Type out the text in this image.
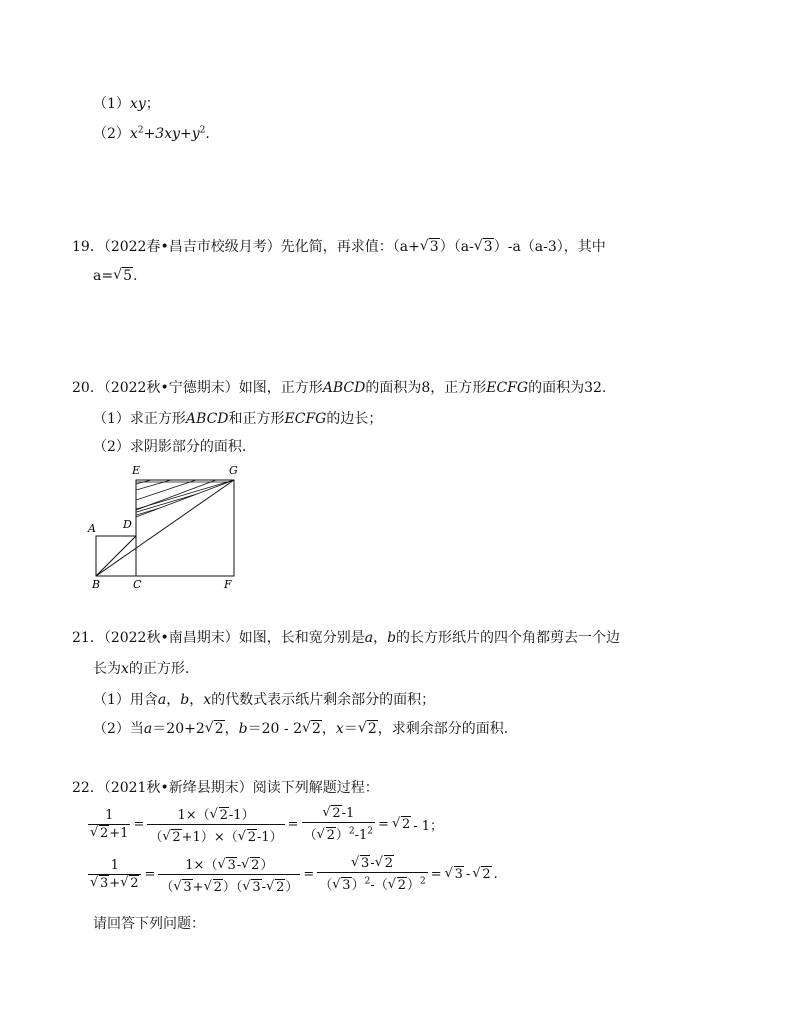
（1）xy；
$(2)x^2+3xy+y^2$.
19．（2022春•昌吉市校级月考）先化简，再求值：（a+ √ 3）（a- √ 3）-a（a-3），其中
a= √ 5.
20．（2022秋•宁德期末）如图，正方形ABCD的面积为8，正方形ECFG的面积为32.
（1）求正方形ABCD和正方形ECFG的边长；
（2）求阴影部分的面积.
A
B	C
D
E
F
G
21．（2022秋•南昌期末）如图，长和宽分别是a，b的长方形纸片的四个角都剪去一个边
长为x的正方形.
（1）用含a，b，x的代数式表示纸片剩余部分的面积；
（2）当a＝20+2 √ 2，b＝20 - 2 √ 2，x＝ √ 2，求剩余部分的面积.
22．（2021秋•新绛县期末）阅读下列解题过程：
1
√ $2+1 = \frac{1\times( √ 2-1)}{( √ 2+1)\times( √ 2-1)}$ = √ $\frac{2-1}{( √ 2)^2-1^2}$ =	√ 2 - 1；
1
√ 3+ √ $2 = \frac{1\times( √ 3- √ 2)}{( √ 3+ √ 2)( √ 3- √ 2)}$ = √ $\frac{3- √ 2}{( √ 3)^2-( √ 2)^2}$ =	√ 3 - √ 2 .
请回答下列问题：
